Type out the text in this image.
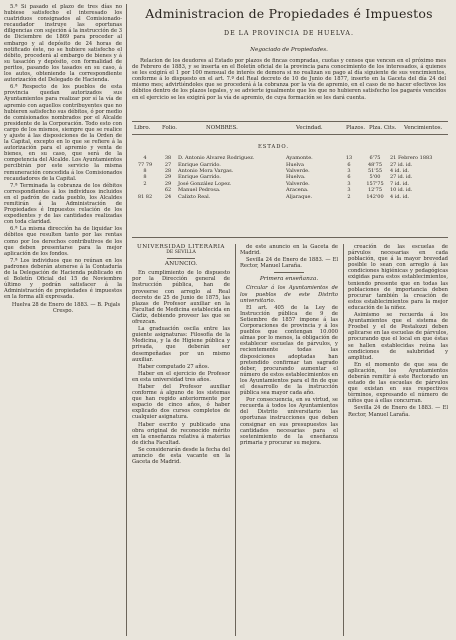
5.ª Si pasado el plazo de tres días no hubiese satisfecho el interesado los cuatriduos consignados al Comisionado-recaudador instruye las oportunas diligencias con sujeción á la instrucción de 3 de Diciembre de 1869 para proceder al embargo y al depósito de 24 horas de notificado éste, no se hubiere satisfecho el débito, procederá al embargo de bienes y á su tasación y depósito, con formalidad de peritos, pasando los tasados en su caso, á los autos, obteniendo la correspondiente autorización del Delegado de Hacienda.

6.ª Respecto de los pueblos de esta provincia quedan autorizados sus Ayuntamientos para realizar por sí la vía de apremio con aquellos contribuyentes que no hubieren satisfecho sus débitos, ó por medio de comisionados nombrados por el Alcalde presidente de la Corporación. Todo esto con cargo de los mismos, siempre que se realice y ajuste á las disposiciones de la Orden de la Capital, excepto en lo que se refiere á la autorización para el apremio y venta de bienes, en su caso, que será de la competencia del Alcalde. Los Ayuntamientos percibirán por este servicio la misma remuneración concedida á los Comisionados recaudadores de la Capital.

7.ª Terminada la cobranza de los débitos correspondientes á los individuos incluidos en el padrón de cada pueblo, los Alcaldes remitirán á la Administración de Propiedades é Impuestos relación de los expedientes y de las cantidades realizadas con toda claridad.

6.ª La misma dirección ha de liquidar los débitos que resulten tanto por las rentas como por los derechos contributivos de los que deben presentarse para la mejor aplicación de los fondos.

7.ª Los individuos que no reúnan en los padrones deberán atenerse á la Contaduría de la Delegación de Hacienda publicado en el Boletín Oficial del 15 de Noviembre último y podrán satisfacer á la Administración de propiedades é impuestos en la forma allí expresada.

Huelva 28 de Enero de 1883. — B. Pujals Crespo.

Administracion de Propiedades é Impuestos
DE LA PROVINCIA DE HUELVA.
Negociado de Propiedades.
Relacion de los deudores al Estado por plazos de fincas compradas, cuotas y censos que vencen en el próximo mes de Febrero de 1883, y se inserta en el Boletín oficial de la provincia para conocimiento de los interesados, á quienes se les exigirá el 1 por 100 mensual de interés de demora si no realizan su pago al día siguiente de sus vencimientos, conforme á lo dispuesto en el art. 7.º del Real decreto de 10 de Junio de 1877, inserto en la Gaceta del día 24 del mismo mes; advirtiéndoles que se procederá á la cobranza por la vía de apremio, en el caso de no hacer efectivos los débitos dentro de los plazos legales, y se advierte igualmente que los que no hubieren satisfecho los pagarés vencidos en el ejercicio se les exigirá por la vía de apremio, de cuya formación se les dará cuenta.
Libro. Folio.	NOMBRES.	Vecindad.	Plazos. Plza. Cits. Vencimientos.
ESTADO.
4	38	D. Antonio Alvarez Rodriguez.	Ayamonte.	13	6'75	21 Febrero 1883
77 79	27	Enrique Garrido.	Huelva	6	48'75	27 id. id.
8	28	Antonio Mora Vargas.	Valverde.	3	51'55	4 id. id.
8	29	Enrique Garrido.	Huelva.	6	5'00	27 id. id.
2	29	José González Lopez.	Valverde.	3	157'75	7 id. id.
	62	Manuel Pedrosa.	Aracena.	3	12'75	10 id. id.
81 82	24	Calixto Real.	Aljaraque.	2	142'00	4 id. id.
UNIVERSIDAD LITERARIA
DE SEVILLA
ANUNCIO.

En cumplimiento de lo dispuesto por la Dirección general de Instrucción pública, han de proveerse con arreglo al Real decreto de 25 de Junio de 1875, las plazas de Profesor auxiliar en la Facultad de Medicina establecida en Cádiz, debiendo proveer las que se ofrezcan.

La graduación oscila entre las guiente asignaturas: Filosofía de la Medicina, y la de Higiene pública y privada, que deberán ser desempeñadas por un mismo auxiliar.

Haber computado 27 años.

Haber en el ejercicio de Profesor en esta universidad tres años.

Haber del Profesor auxiliar conforme á alguno de los sistemas que han regido anteriormente por espacio de cinco años, ó haber explicado dos cursos completos de cualquier asignatura.

Haber escrito y publicado una obra original de reconocido mérito en la enseñanza relativa á materias de dicha Facultad.

Se considerarán desde la fecha del anuncio de esta vacante en la Gaceta de Madrid.

de este anuncio en la Gaceta de Madrid.

Sevilla 24 de Enero de 1883. — El Rector, Manuel Laraña.

Primera enseñanza.

Circular á los Ayuntamientos de los pueblos de este Distrito universitario.

El art. 405 de la Ley de Instrucción pública de 9 de Setiembre de 1857 impone á las Corporaciones de provincia y á los pueblos que contengan 10.000 almas por lo menos, la obligación de establecer escuelas de párvulos, y recientemente todas las disposiciones adoptadas han pretendido confirmar tan sagrado deber, procurando aumentar el número de estos establecimientos en los Ayuntamientos para el fin de que el desarrollo de la instrucción pública sea mayor cada año.

Por consecuencia, en su virtud, se recuerda á todos los Ayuntamientos del Distrito universitario las oportunas instrucciones que deben consignar en sus presupuestos las cantidades necesarias para el sostenimiento de la enseñanza primaria y procurar su mejora.

creación de las escuelas de párvulos necesarias en cada población, que á la mayor brevedad posible lo sean con arreglo á las condiciones higiénicas y pedagógicas exigidas para estos establecimientos, teniendo presente que en todas las poblaciones de importancia deben procurar también la creación de estos establecimientos para la mejor educación de la niñez.

Asimismo se recuerda á los Ayuntamientos que el sistema de Froebel y el de Pestalozzi deben aplicarse en las escuelas de párvulos, procurando que el local en que éstas se hallen establecidas reúna las condiciones de salubridad y amplitud.

En el momento de que sea de aplicación, los Ayuntamientos deberán remitir á este Rectorado un estado de las escuelas de párvulos que existan en sus respectivos términos, expresando el número de niños que á ellas concurran.

Sevilla 24 de Enero de 1883. — El Rector, Manuel Laraña.
